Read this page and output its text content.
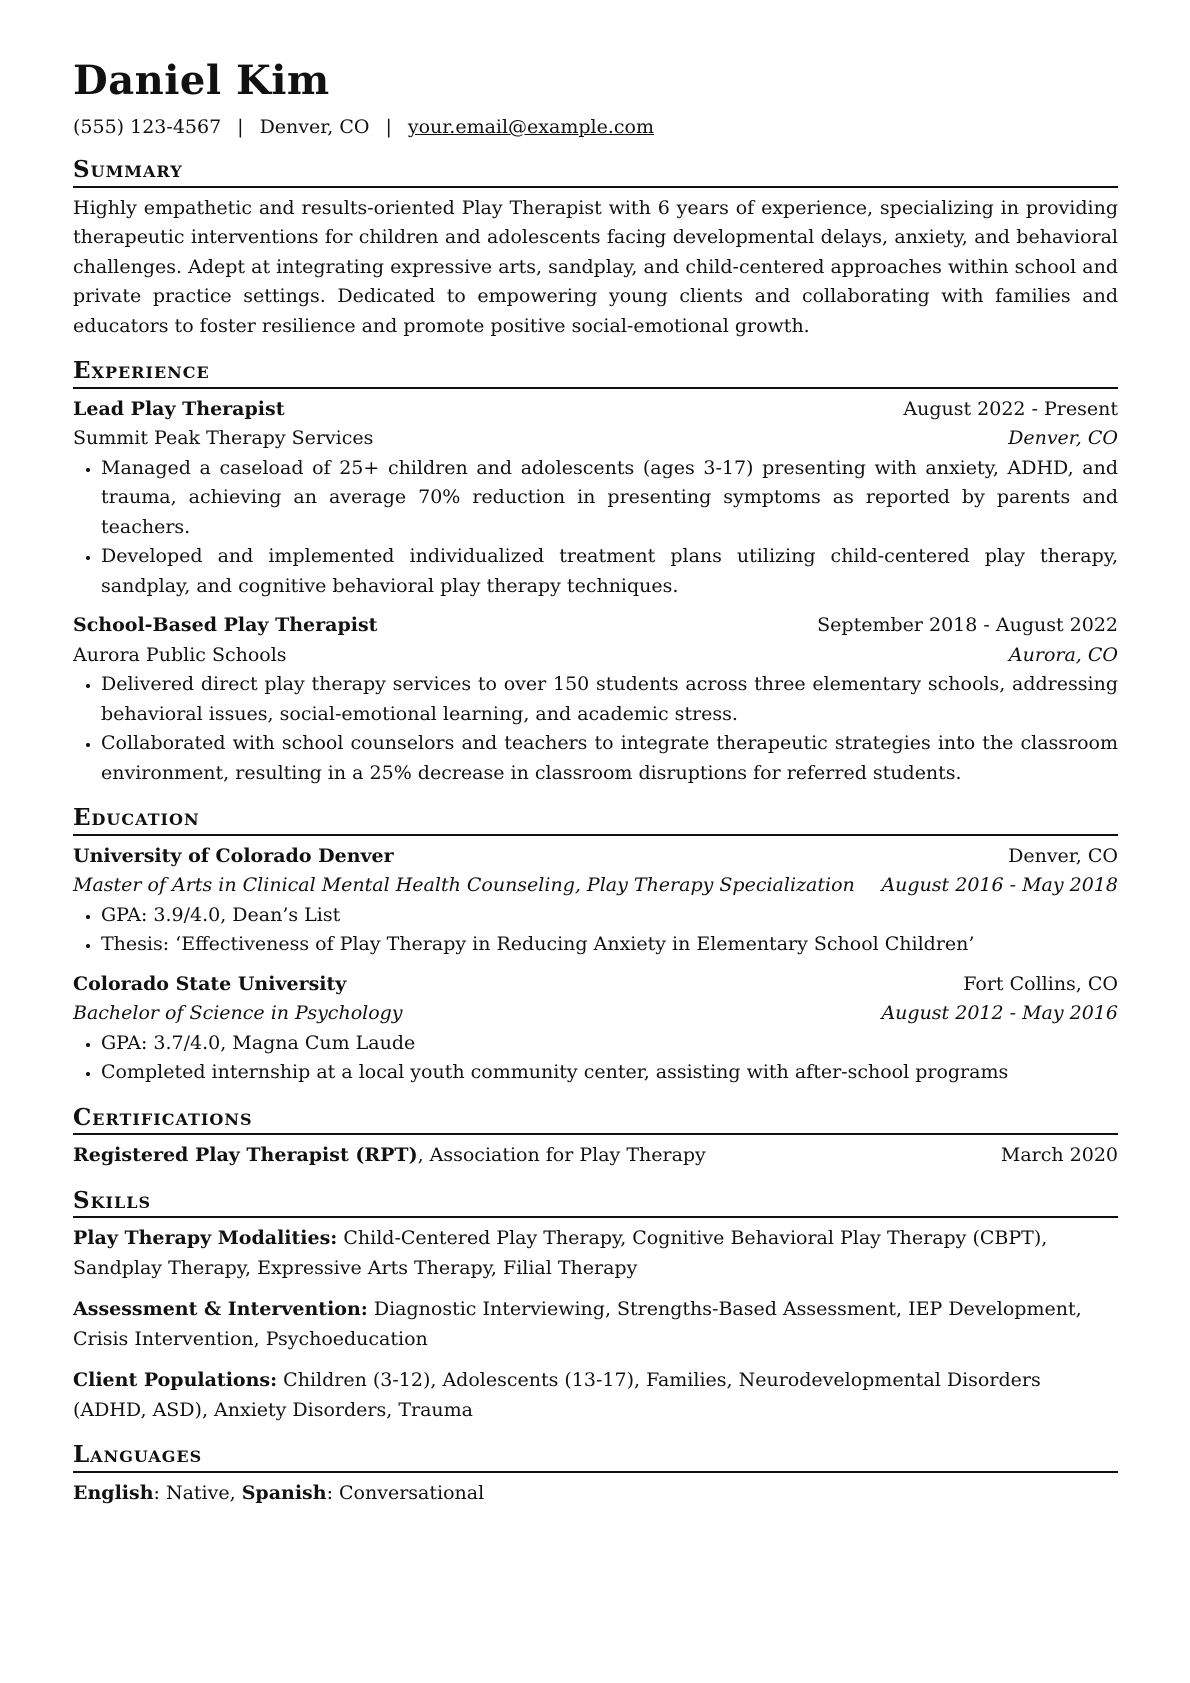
Daniel Kim
(555) 123-4567 | Denver, CO | your.email@example.com
Summary

Highly empathetic and results-oriented Play Therapist with 6 years of experience, specializing in providing therapeutic interventions for children and adolescents facing developmental delays, anxiety, and behavioral challenges. Adept at integrating expressive arts, sandplay, and child-centered approaches within school and private practice settings. Dedicated to empowering young clients and collaborating with families and educators to foster resilience and promote positive social-emotional growth.

Experience
Lead Play Therapist	August 2022 - Present
Summit Peak Therapy Services	Denver, CO
• Managed a caseload of 25+ children and adolescents (ages 3-17) presenting with anxiety, ADHD, and trauma, achieving an average 70% reduction in presenting symptoms as reported by parents and teachers.
• Developed and implemented individualized treatment plans utilizing child-centered play therapy, sandplay, and cognitive behavioral play therapy techniques.
School-Based Play Therapist	September 2018 - August 2022
Aurora Public Schools	Aurora, CO
• Delivered direct play therapy services to over 150 students across three elementary schools, addressing behavioral issues, social-emotional learning, and academic stress.
• Collaborated with school counselors and teachers to integrate therapeutic strategies into the classroom environment, resulting in a 25% decrease in classroom disruptions for referred students.
Education
University of Colorado Denver	Denver, CO
Master of Arts in Clinical Mental Health Counseling, Play Therapy Specialization August 2016 - May 2018
• GPA: 3.9/4.0, Dean’s List
• Thesis: ‘Effectiveness of Play Therapy in Reducing Anxiety in Elementary School Children’
Colorado State University	Fort Collins, CO
Bachelor of Science in Psychology	August 2012 - May 2016
• GPA: 3.7/4.0, Magna Cum Laude
• Completed internship at a local youth community center, assisting with after-school programs
Certifications
Registered Play Therapist (RPT), Association for Play Therapy	March 2020
Skills

Play Therapy Modalities: Child-Centered Play Therapy, Cognitive Behavioral Play Therapy (CBPT), Sandplay Therapy, Expressive Arts Therapy, Filial Therapy

Assessment & Intervention: Diagnostic Interviewing, Strengths-Based Assessment, IEP Development, Crisis Intervention, Psychoeducation

Client Populations: Children (3-12), Adolescents (13-17), Families, Neurodevelopmental Disorders (ADHD, ASD), Anxiety Disorders, Trauma

Languages

English: Native, Spanish: Conversational
